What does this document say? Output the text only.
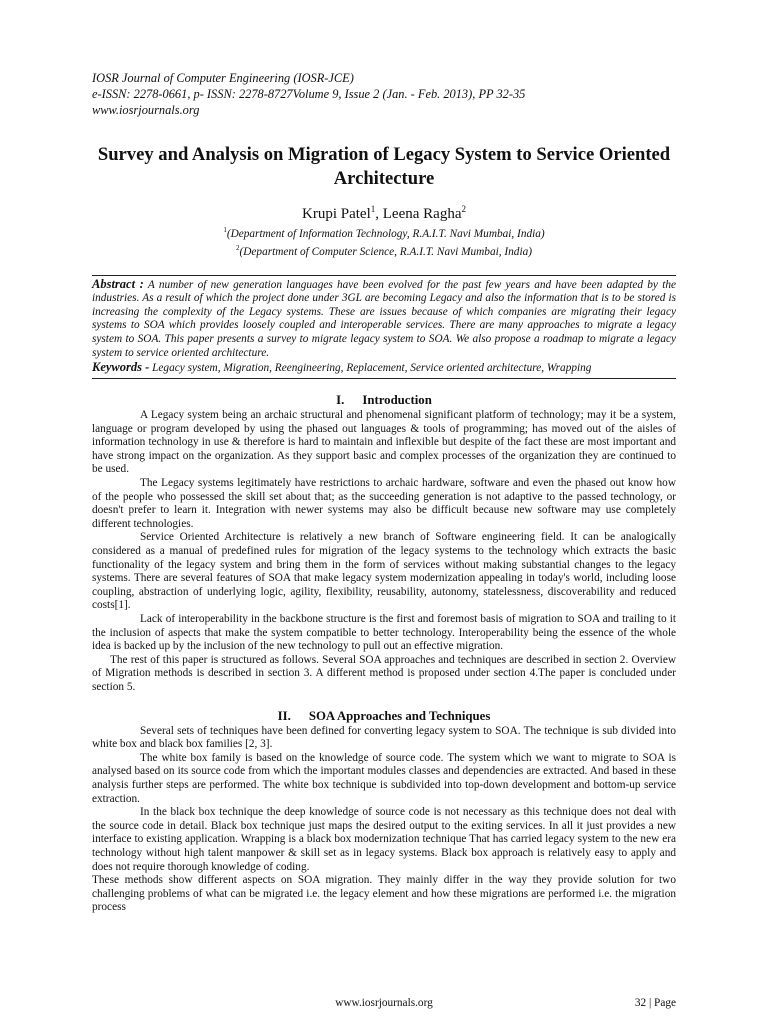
IOSR Journal of Computer Engineering (IOSR-JCE)
e-ISSN: 2278-0661, p- ISSN: 2278-8727Volume 9, Issue 2 (Jan. - Feb. 2013), PP 32-35
www.iosrjournals.org
Survey and Analysis on Migration of Legacy System to Service Oriented Architecture
Krupi Patel$^1$, Leena Ragha$^2$
$^1$(Department of Information Technology, R.A.I.T. Navi Mumbai, India)
$^2$(Department of Computer Science, R.A.I.T. Navi Mumbai, India)
Abstract : A number of new generation languages have been evolved for the past few years and have been adapted by the industries. As a result of which the project done under 3GL are becoming Legacy and also the information that is to be stored is increasing the complexity of the Legacy systems. These are issues because of which companies are migrating their legacy systems to SOA which provides loosely coupled and interoperable services. There are many approaches to migrate a legacy system to SOA. This paper presents a survey to migrate legacy system to SOA. We also propose a roadmap to migrate a legacy system to service oriented architecture.
Keywords - Legacy system, Migration, Reengineering, Replacement, Service oriented architecture, Wrapping
I. Introduction

A Legacy system being an archaic structural and phenomenal significant platform of technology; may it be a system, language or program developed by using the phased out languages & tools of programming; has moved out of the aisles of information technology in use & therefore is hard to maintain and inflexible but despite of the fact these are most important and have strong impact on the organization. As they support basic and complex processes of the organization they are continued to be used.

The Legacy systems legitimately have restrictions to archaic hardware, software and even the phased out know how of the people who possessed the skill set about that; as the succeeding generation is not adaptive to the passed technology, or doesn't prefer to learn it. Integration with newer systems may also be difficult because new software may use completely different technologies.

Service Oriented Architecture is relatively a new branch of Software engineering field. It can be analogically considered as a manual of predefined rules for migration of the legacy systems to the technology which extracts the basic functionality of the legacy system and bring them in the form of services without making substantial changes to the legacy systems. There are several features of SOA that make legacy system modernization appealing in today's world, including loose coupling, abstraction of underlying logic, agility, flexibility, reusability, autonomy, statelessness, discoverability and reduced costs[1].

Lack of interoperability in the backbone structure is the first and foremost basis of migration to SOA and trailing to it the inclusion of aspects that make the system compatible to better technology. Interoperability being the essence of the whole idea is backed up by the inclusion of the new technology to pull out an effective migration.

The rest of this paper is structured as follows. Several SOA approaches and techniques are described in section 2. Overview of Migration methods is described in section 3. A different method is proposed under section 4.The paper is concluded under section 5.

II. SOA Approaches and Techniques

Several sets of techniques have been defined for converting legacy system to SOA. The technique is sub divided into white box and black box families [2, 3].

The white box family is based on the knowledge of source code. The system which we want to migrate to SOA is analysed based on its source code from which the important modules classes and dependencies are extracted. And based in these analysis further steps are performed. The white box technique is subdivided into top-down development and bottom-up service extraction.

In the black box technique the deep knowledge of source code is not necessary as this technique does not deal with the source code in detail. Black box technique just maps the desired output to the exiting services. In all it just provides a new interface to existing application. Wrapping is a black box modernization technique That has carried legacy system to the new era technology without high talent manpower & skill set as in legacy systems. Black box approach is relatively easy to apply and does not require thorough knowledge of coding.

These methods show different aspects on SOA migration. They mainly differ in the way they provide solution for two challenging problems of what can be migrated i.e. the legacy element and how these migrations are performed i.e. the migration process

www.iosrjournals.org	32 | Page
